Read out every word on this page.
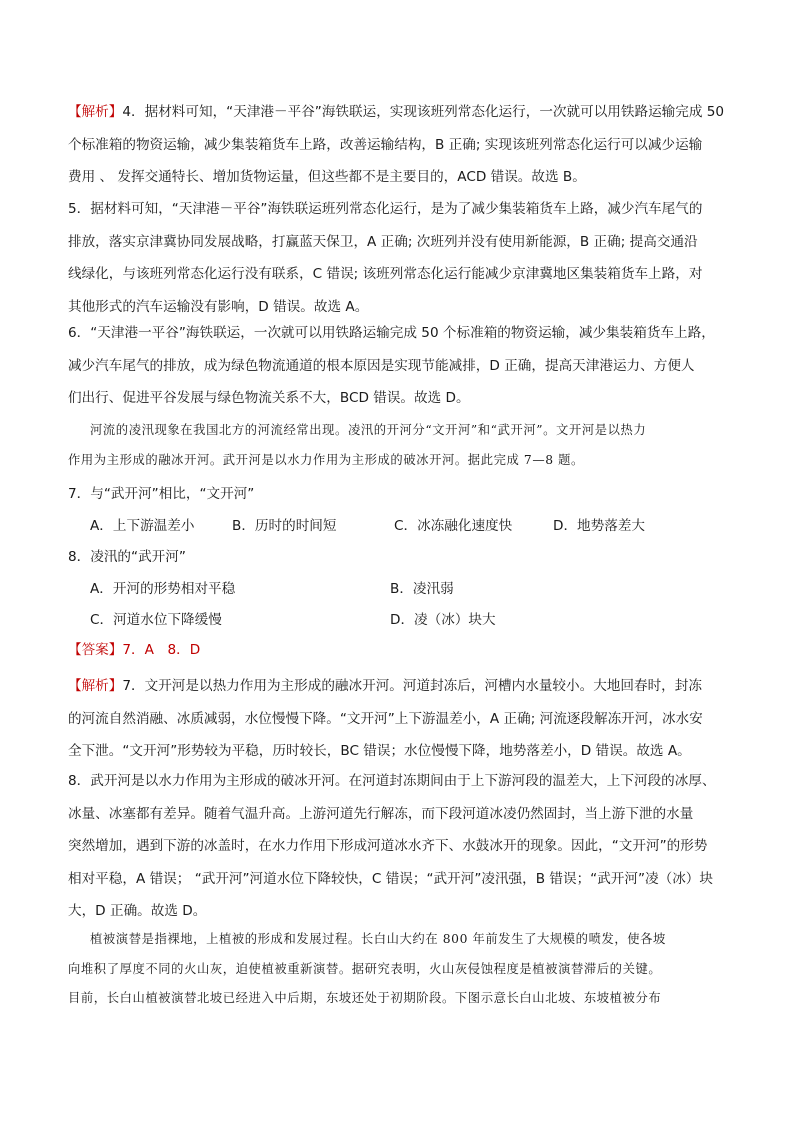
【解析】4．据材料可知，“天津港－平谷”海铁联运，实现该班列常态化运行，一次就可以用铁路运输完成 50

个标准箱的物资运输，减少集装箱货车上路，改善运输结构，B 正确; 实现该班列常态化运行可以减少运输

费用 、 发挥交通特长、增加货物运量，但这些都不是主要目的，ACD 错误。故选 B。

5．据材料可知，“天津港－平谷”海铁联运班列常态化运行，是为了减少集装箱货车上路，减少汽车尾气的

排放，落实京津冀协同发展战略，打赢蓝天保卫，A 正确; 次班列并没有使用新能源，B 正确; 提高交通沿

线绿化，与该班列常态化运行没有联系，C 错误; 该班列常态化运行能减少京津冀地区集装箱货车上路，对

其他形式的汽车运输没有影响，D 错误。故选 A。

6．“天津港一平谷”海铁联运，一次就可以用铁路运输完成 50 个标准箱的物资运输，减少集装箱货车上路，

减少汽车尾气的排放，成为绿色物流通道的根本原因是实现节能减排，D 正确，提高天津港运力、方便人

们出行、促进平谷发展与绿色物流关系不大，BCD 错误。故选 D。

河流的凌汛现象在我国北方的河流经常出现。凌汛的开河分“文开河”和“武开河”。文开河是以热力

作用为主形成的融冰开河。武开河是以水力作用为主形成的破冰开河。据此完成 7—8 题。

7．与“武开河”相比，“文开河”

A．上下游温差小	B．历时的时间短	C．冰冻融化速度快	D．地势落差大

8．凌汛的“武开河”

A．开河的形势相对平稳	B．凌汛弱
C．河道水位下降缓慢	D．凌（冰）块大

【答案】7．A　8．D

【解析】7．文开河是以热力作用为主形成的融冰开河。河道封冻后，河槽内水量较小。大地回春时，封冻

的河流自然消融、冰质减弱，水位慢慢下降。“文开河”上下游温差小，A 正确; 河流逐段解冻开河，冰水安

全下泄。“文开河”形势较为平稳，历时较长，BC 错误；水位慢慢下降，地势落差小，D 错误。故选 A。

8．武开河是以水力作用为主形成的破冰开河。在河道封冻期间由于上下游河段的温差大，上下河段的冰厚、

冰量、冰塞都有差异。随着气温升高。上游河道先行解冻，而下段河道冰凌仍然固封，当上游下泄的水量

突然增加，遇到下游的冰盖时，在水力作用下形成河道冰水齐下、水鼓冰开的现象。因此，“文开河”的形势

相对平稳，A 错误； “武开河”河道水位下降较快，C 错误；“武开河”凌汛强，B 错误；“武开河”凌（冰）块

大，D 正确。故选 D。

植被演替是指裸地，上植被的形成和发展过程。长白山大约在 800 年前发生了大规模的喷发，使各坡

向堆积了厚度不同的火山灰，迫使植被重新演替。据研究表明，火山灰侵蚀程度是植被演替滞后的关键。

目前，长白山植被演替北坡已经进入中后期，东坡还处于初期阶段。下图示意长白山北坡、东坡植被分布
